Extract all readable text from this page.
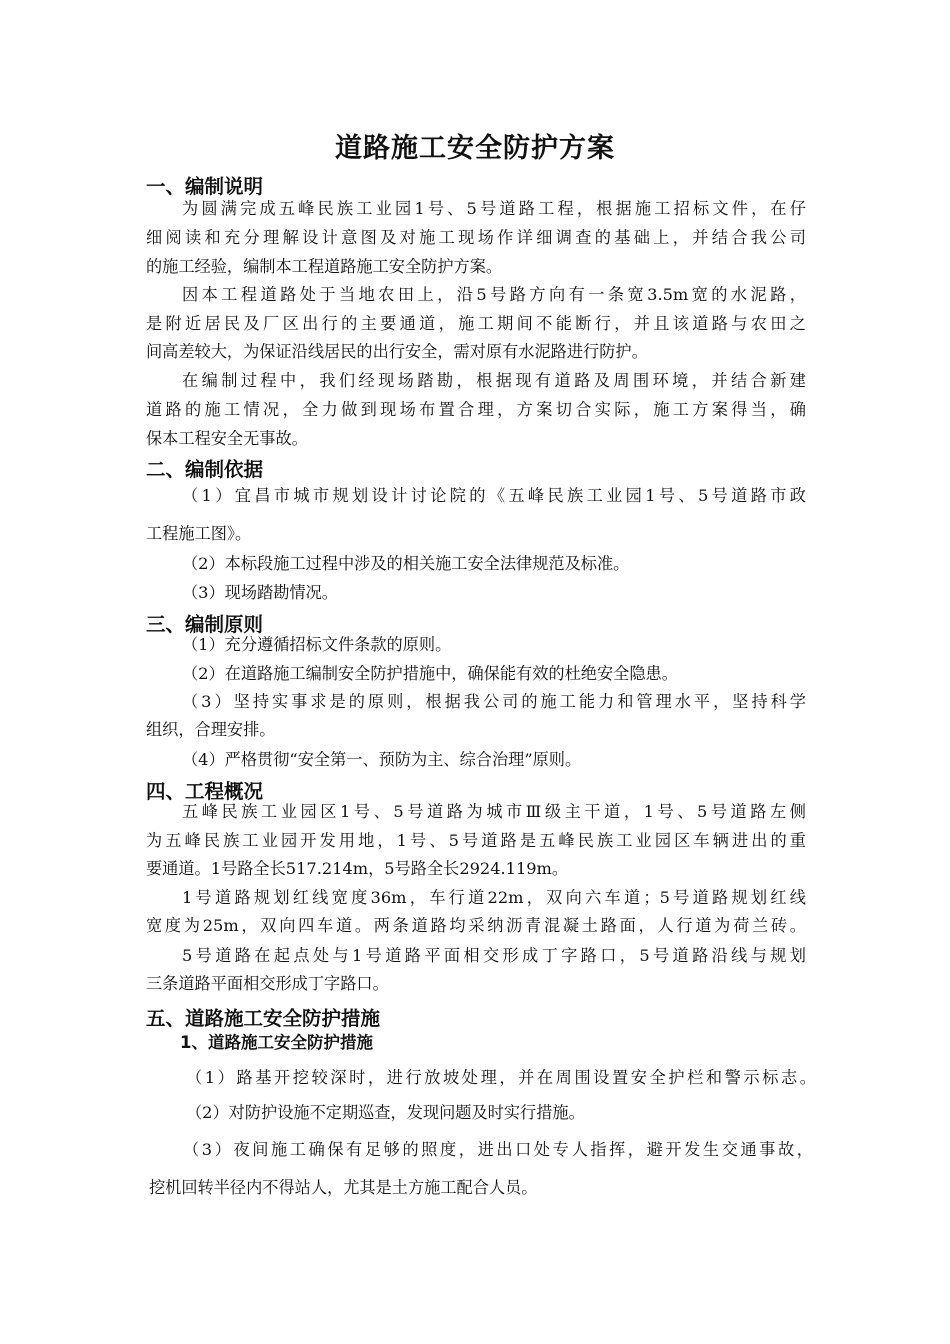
道路施工安全防护方案
一、编制说明
为圆满完成五峰民族工业园1号、5号道路工程，根据施工招标文件，在仔
细阅读和充分理解设计意图及对施工现场作详细调查的基础上，并结合我公司
的施工经验，编制本工程道路施工安全防护方案。
因本工程道路处于当地农田上，沿5号路方向有一条宽3.5m宽的水泥路，
是附近居民及厂区出行的主要通道，施工期间不能断行，并且该道路与农田之
间高差较大，为保证沿线居民的出行安全，需对原有水泥路进行防护。
在编制过程中，我们经现场踏勘，根据现有道路及周围环境，并结合新建
道路的施工情况，全力做到现场布置合理，方案切合实际，施工方案得当，确
保本工程安全无事故。
二、编制依据
（1）宜昌市城市规划设计讨论院的《五峰民族工业园1号、5号道路市政
工程施工图》。
（2）本标段施工过程中涉及的相关施工安全法律规范及标准。
（3）现场踏勘情况。
三、编制原则
（1）充分遵循招标文件条款的原则。
（2）在道路施工编制安全防护措施中，确保能有效的杜绝安全隐患。
（3）坚持实事求是的原则，根据我公司的施工能力和管理水平，坚持科学
组织，合理安排。
（4）严格贯彻“安全第一、预防为主、综合治理”原则。
四、工程概况
五峰民族工业园区1号、5号道路为城市Ⅲ级主干道，1号、5号道路左侧
为五峰民族工业园开发用地，1号、5号道路是五峰民族工业园区车辆进出的重
要通道。1号路全长517.214m，5号路全长2924.119m。
1号道路规划红线宽度36m，车行道22m，双向六车道；5号道路规划红线
宽度为25m，双向四车道。两条道路均采纳沥青混凝土路面，人行道为荷兰砖。
5号道路在起点处与1号道路平面相交形成丁字路口，5号道路沿线与规划
三条道路平面相交形成丁字路口。
五、道路施工安全防护措施
1、道路施工安全防护措施
（1）路基开挖较深时，进行放坡处理，并在周围设置安全护栏和警示标志。
（2）对防护设施不定期巡查，发现问题及时实行措施。
（3）夜间施工确保有足够的照度，进出口处专人指挥，避开发生交通事故，
挖机回转半径内不得站人，尤其是土方施工配合人员。
